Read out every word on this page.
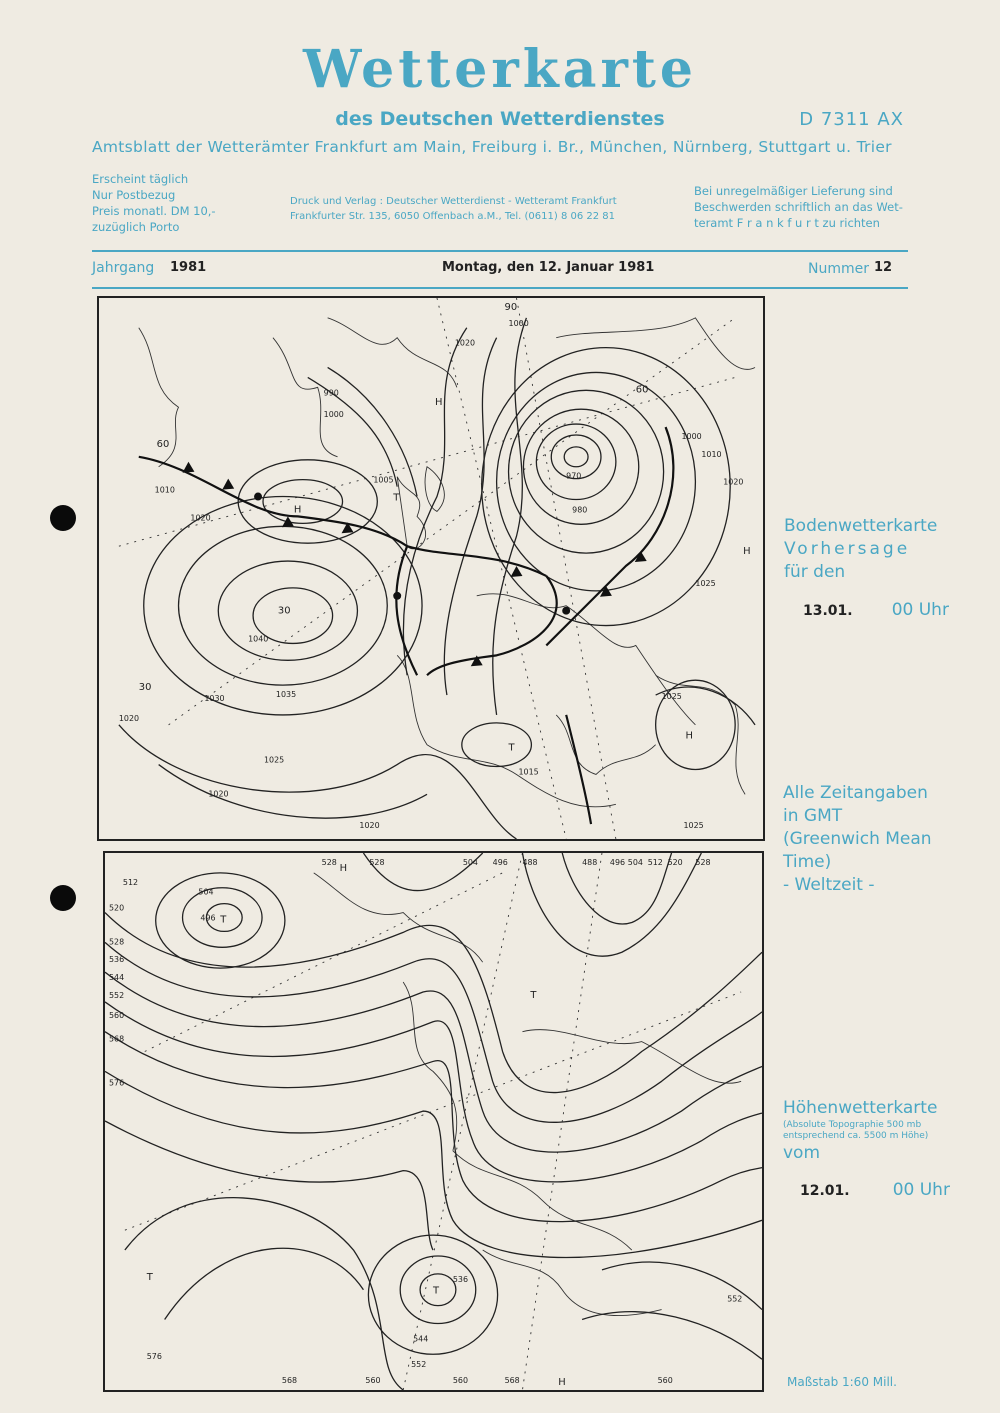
Wetterkarte
des Deutschen Wetterdienstes	D 7311 AX
Amtsblatt der Wetterämter Frankfurt am Main, Freiburg i. Br., München, Nürnberg, Stuttgart u. Trier
Erscheint täglich
Nur Postbezug
Preis monatl. DM 10,-
zuzüglich Porto
Druck und Verlag : Deutscher Wetterdienst - Wetteramt Frankfurt
Frankfurter Str. 135, 6050 Offenbach a.M., Tel. (0611) 8 06 22 81
Bei unregelmäßiger Lieferung sind
Beschwerden schriftlich an das Wet-
teramt F r a n k f u r t zu richten
Jahrgang 1981	Montag, den 12. Januar 1981	Nummer 12
60
30
90
60
30
1020
1000
990
1000
1005
1010
1020
1040
1035
1030
1025
1020
1020
970
980
1000
1010
1020
1025
1025
1015
1020	1025
H
H
H
H
T
T
528	528
512
504 496 488	488 496 504 512 520 528
520
528
536
544
552
560
568
576
576
568	560	560	568
544
552
536
552
560
H
H
T
T
T
T
504
496
Bodenwetterkarte
Vorhersage
für den
13.01. 00 Uhr
Alle Zeitangaben
in GMT
(Greenwich Mean
Time)
- Weltzeit -
Höhenwetterkarte
(Absolute Topographie 500 mb
entsprechend ca. 5500 m Höhe)
vom
12.01.	00 Uhr
Maßstab 1:60 Mill.
